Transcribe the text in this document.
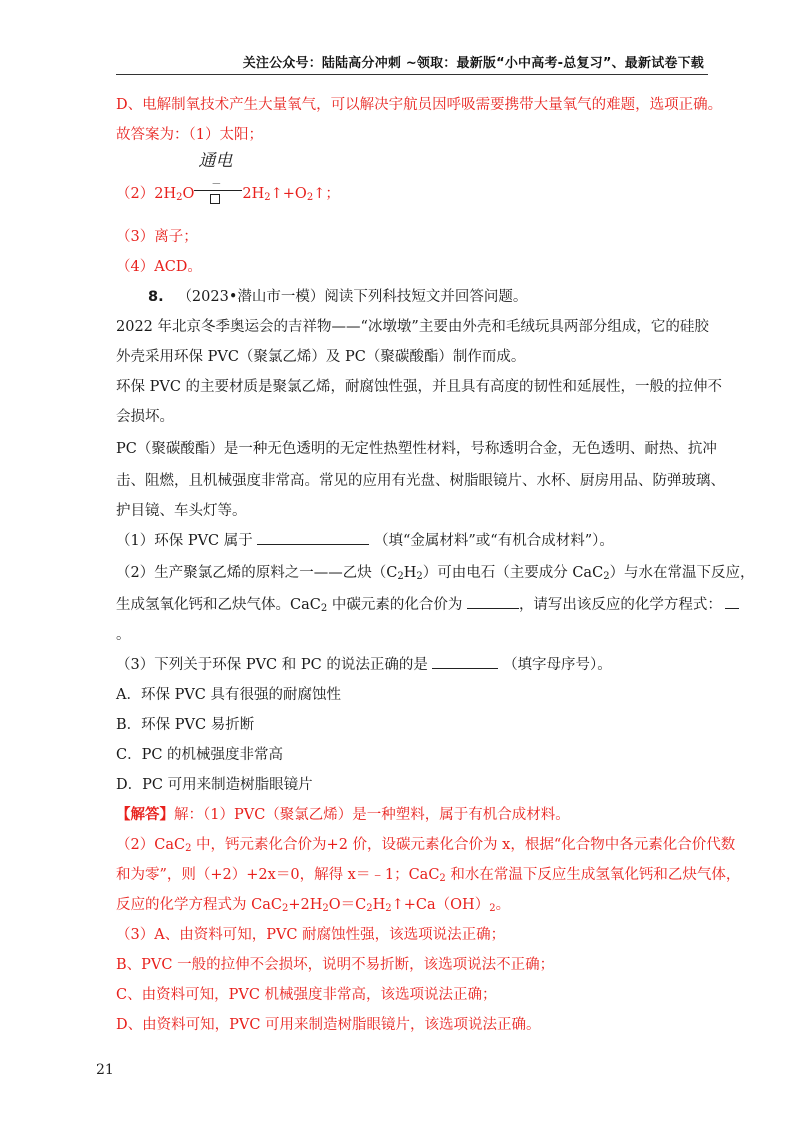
关注公众号：陆陆高分冲刺 ~领取：最新版“小中高考-总复习”、最新试卷下载
D、电解制氧技术产生大量氧气，可以解决宇航员因呼吸需要携带大量氧气的难题，选项正确。
故答案为：（1）太阳；
$(2)2H_2O$
通电
－
$2H_2↑+O_2↑$；
（3）离子；
（4）ACD。
8. （2023•潜山市一模）阅读下列科技短文并回答问题。
2022 年北京冬季奥运会的吉祥物——“冰墩墩”主要由外壳和毛绒玩具两部分组成，它的硅胶
外壳采用环保 PVC（聚氯乙烯）及 PC（聚碳酸酯）制作而成。
环保 PVC 的主要材质是聚氯乙烯，耐腐蚀性强，并且具有高度的韧性和延展性，一般的拉伸不
会损坏。
PC（聚碳酸酯）是一种无色透明的无定性热塑性材料，号称透明合金，无色透明、耐热、抗冲
击、阻燃，且机械强度非常高。常见的应用有光盘、树脂眼镜片、水杯、厨房用品、防弹玻璃、
护目镜、车头灯等。
（1）环保 PVC 属于	（填“金属材料”或“有机合成材料”）。
（2）生产聚氯乙烯的原料之一——乙炔$(C_2H_2)$可由电石（主要成分 CaC$_2$）与水在常温下反应，
生成氢氧化钙和乙炔气体。CaC$_2$ 中碳元素的化合价为	，请写出该反应的化学方程式：
。
（3）下列关于环保 PVC 和 PC 的说法正确的是	（填字母序号）。
A．环保 PVC 具有很强的耐腐蚀性
B．环保 PVC 易折断
C．PC 的机械强度非常高
D．PC 可用来制造树脂眼镜片
【解答】解：（1）PVC（聚氯乙烯）是一种塑料，属于有机合成材料。
（2）CaC$_2$ 中，钙元素化合价为+2 价，设碳元素化合价为 x，根据“化合物中各元素化合价代数
和为零”，则（+2）+2x＝0，解得 x＝﹣1；CaC$_2$ 和水在常温下反应生成氢氧化钙和乙炔气体，
反应的化学方程式为 $CaC_2+2H_2O=C_2H_2↑+Ca(OH)_2$。
（3）A、由资料可知，PVC 耐腐蚀性强，该选项说法正确；
B、PVC 一般的拉伸不会损坏，说明不易折断，该选项说法不正确；
C、由资料可知，PVC 机械强度非常高，该选项说法正确；
D、由资料可知，PVC 可用来制造树脂眼镜片，该选项说法正确。
21
